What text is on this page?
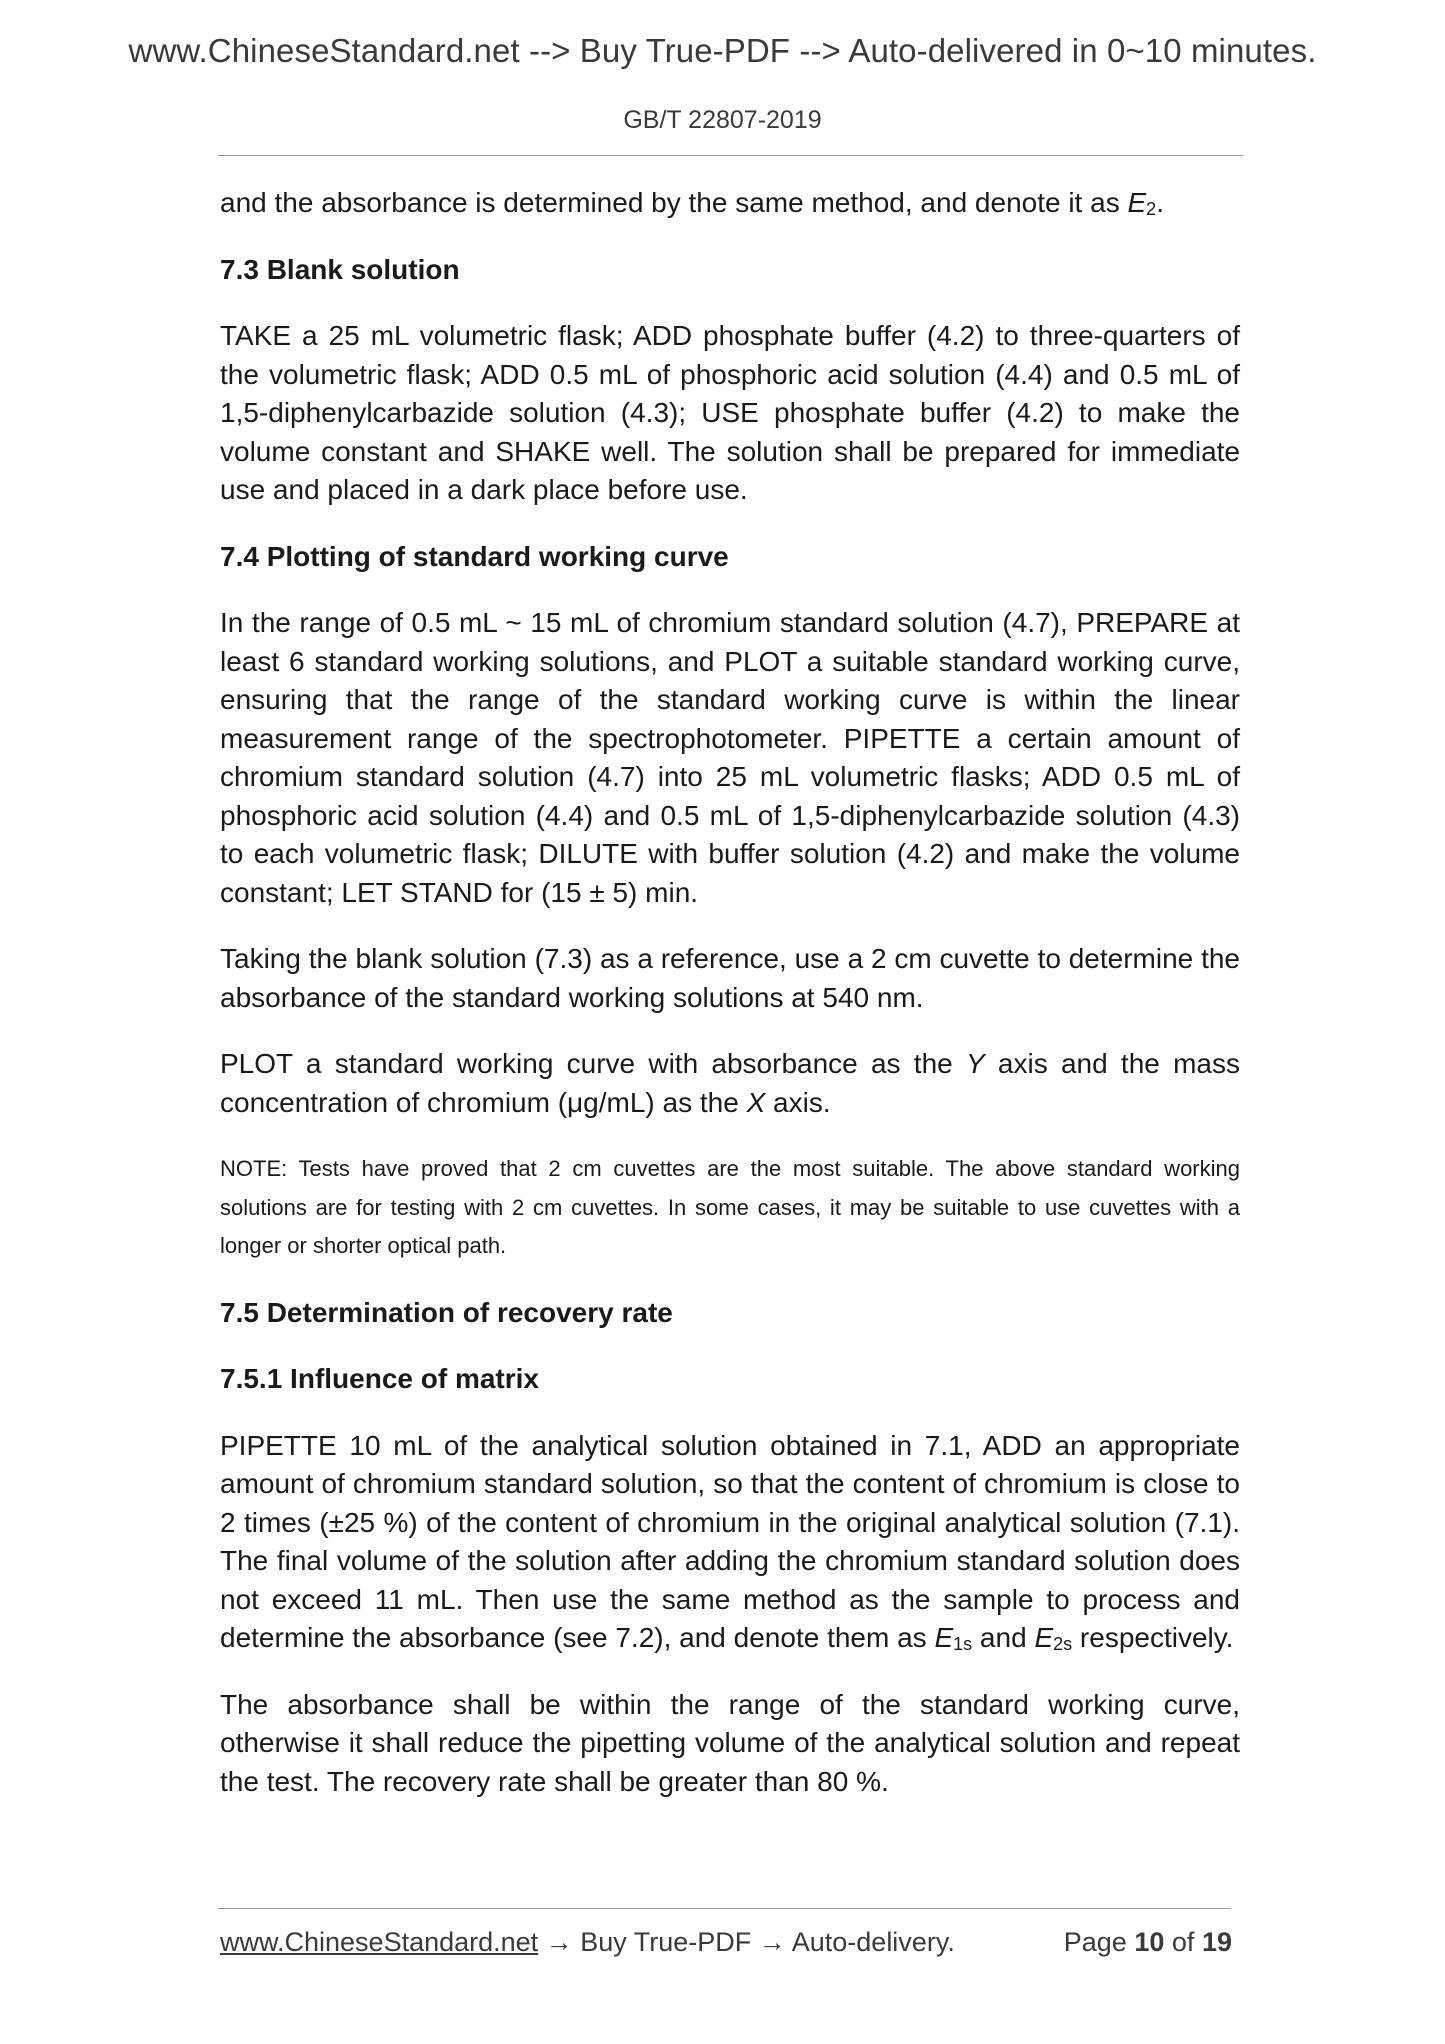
www.ChineseStandard.net --> Buy True-PDF --> Auto-delivered in 0~10 minutes.
GB/T 22807-2019

and the absorbance is determined by the same method, and denote it as $E_2$.

7.3 Blank solution

TAKE a 25 mL volumetric flask; ADD phosphate buffer (4.2) to three-quarters of the volumetric flask; ADD 0.5 mL of phosphoric acid solution (4.4) and 0.5 mL of 1,5-diphenylcarbazide solution (4.3); USE phosphate buffer (4.2) to make the volume constant and SHAKE well. The solution shall be prepared for immediate use and placed in a dark place before use.

7.4 Plotting of standard working curve

In the range of 0.5 mL ~ 15 mL of chromium standard solution (4.7), PREPARE at least 6 standard working solutions, and PLOT a suitable standard working curve, ensuring that the range of the standard working curve is within the linear measurement range of the spectrophotometer. PIPETTE a certain amount of chromium standard solution (4.7) into 25 mL volumetric flasks; ADD 0.5 mL of phosphoric acid solution (4.4) and 0.5 mL of 1,5-diphenylcarbazide solution (4.3) to each volumetric flask; DILUTE with buffer solution (4.2) and make the volume constant; LET STAND for (15 ± 5) min.

Taking the blank solution (7.3) as a reference, use a 2 cm cuvette to determine the absorbance of the standard working solutions at 540 nm.

PLOT a standard working curve with absorbance as the Y axis and the mass concentration of chromium (μg/mL) as the X axis.

NOTE: Tests have proved that 2 cm cuvettes are the most suitable. The above standard working solutions are for testing with 2 cm cuvettes. In some cases, it may be suitable to use cuvettes with a longer or shorter optical path.

7.5 Determination of recovery rate
7.5.1 Influence of matrix

PIPETTE 10 mL of the analytical solution obtained in 7.1, ADD an appropriate amount of chromium standard solution, so that the content of chromium is close to 2 times (±25 %) of the content of chromium in the original analytical solution (7.1). The final volume of the solution after adding the chromium standard solution does not exceed 11 mL. Then use the same method as the sample to process and determine the absorbance (see 7.2), and denote them as $E_{1s}$ and $E_{2s}$ respectively.

The absorbance shall be within the range of the standard working curve, otherwise it shall reduce the pipetting volume of the analytical solution and repeat the test. The recovery rate shall be greater than 80 %.

www.ChineseStandard.net → Buy True-PDF → Auto-delivery.	Page 10 of 19
